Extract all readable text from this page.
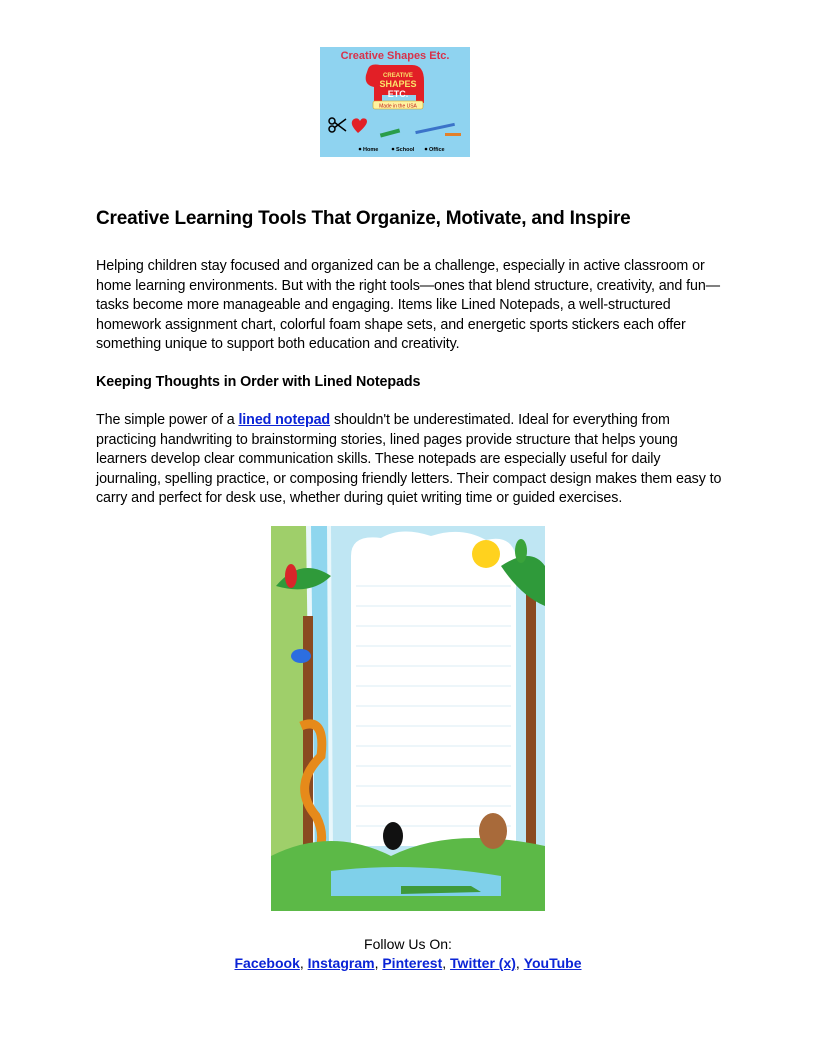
Creative Shapes Etc.
CREATIVE
SHAPES
ETC.
Made in the USA
Home	School	Office
Creative Learning Tools That Organize, Motivate, and Inspire

Helping children stay focused and organized can be a challenge, especially in active classroom or home learning environments. But with the right tools—ones that blend structure, creativity, and fun—tasks become more manageable and engaging. Items like Lined Notepads, a well-structured homework assignment chart, colorful foam shape sets, and energetic sports stickers each offer something unique to support both education and creativity.

Keeping Thoughts in Order with Lined Notepads

The simple power of a lined notepad shouldn't be underestimated. Ideal for everything from practicing handwriting to brainstorming stories, lined pages provide structure that helps young learners develop clear communication skills. These notepads are especially useful for daily journaling, spelling practice, or composing friendly letters. Their compact design makes them easy to carry and perfect for desk use, whether during quiet writing time or guided exercises.

Follow Us On:
Facebook, Instagram, Pinterest, Twitter (x), YouTube
